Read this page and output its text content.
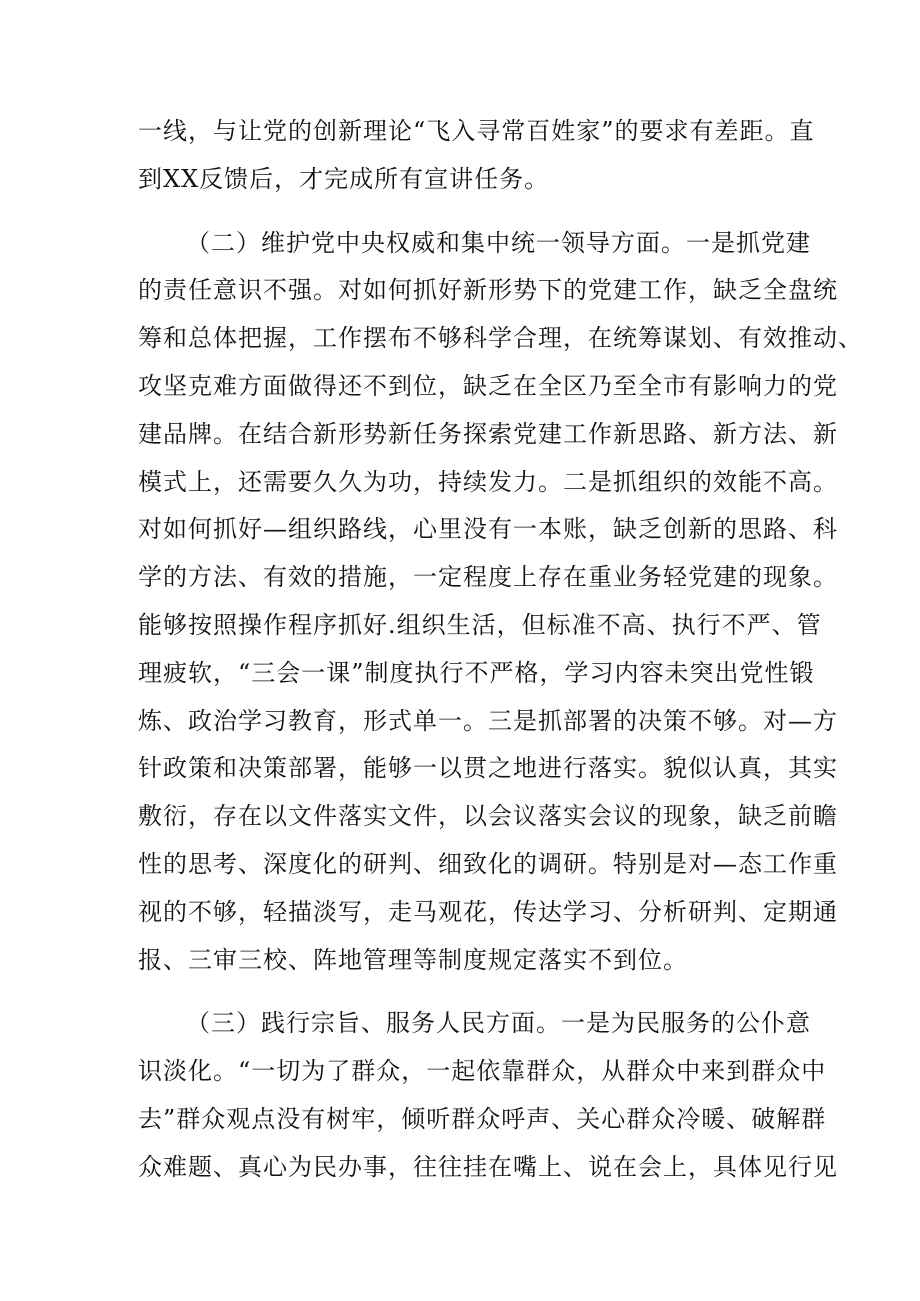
一线，与让党的创新理论“飞入寻常百姓家”的要求有差距。直
到XX反馈后，才完成所有宣讲任务。
（二）维护党中央权威和集中统一领导方面。一是抓党建
的责任意识不强。对如何抓好新形势下的党建工作，缺乏全盘统
筹和总体把握，工作摆布不够科学合理，在统筹谋划、有效推动、
攻坚克难方面做得还不到位，缺乏在全区乃至全市有影响力的党
建品牌。在结合新形势新任务探索党建工作新思路、新方法、新
模式上，还需要久久为功，持续发力。二是抓组织的效能不高。
对如何抓好—组织路线，心里没有一本账，缺乏创新的思路、科
学的方法、有效的措施，一定程度上存在重业务轻党建的现象。
能够按照操作程序抓好.组织生活，但标准不高、执行不严、管
理疲软，“三会一课”制度执行不严格，学习内容未突出党性锻
炼、政治学习教育，形式单一。三是抓部署的决策不够。对—方
针政策和决策部署，能够一以贯之地进行落实。貌似认真，其实
敷衍，存在以文件落实文件，以会议落实会议的现象，缺乏前瞻
性的思考、深度化的研判、细致化的调研。特别是对—态工作重
视的不够，轻描淡写，走马观花，传达学习、分析研判、定期通
报、三审三校、阵地管理等制度规定落实不到位。
（三）践行宗旨、服务人民方面。一是为民服务的公仆意
识淡化。“一切为了群众，一起依靠群众，从群众中来到群众中
去”群众观点没有树牢，倾听群众呼声、关心群众冷暖、破解群
众难题、真心为民办事，往往挂在嘴上、说在会上，具体见行见
